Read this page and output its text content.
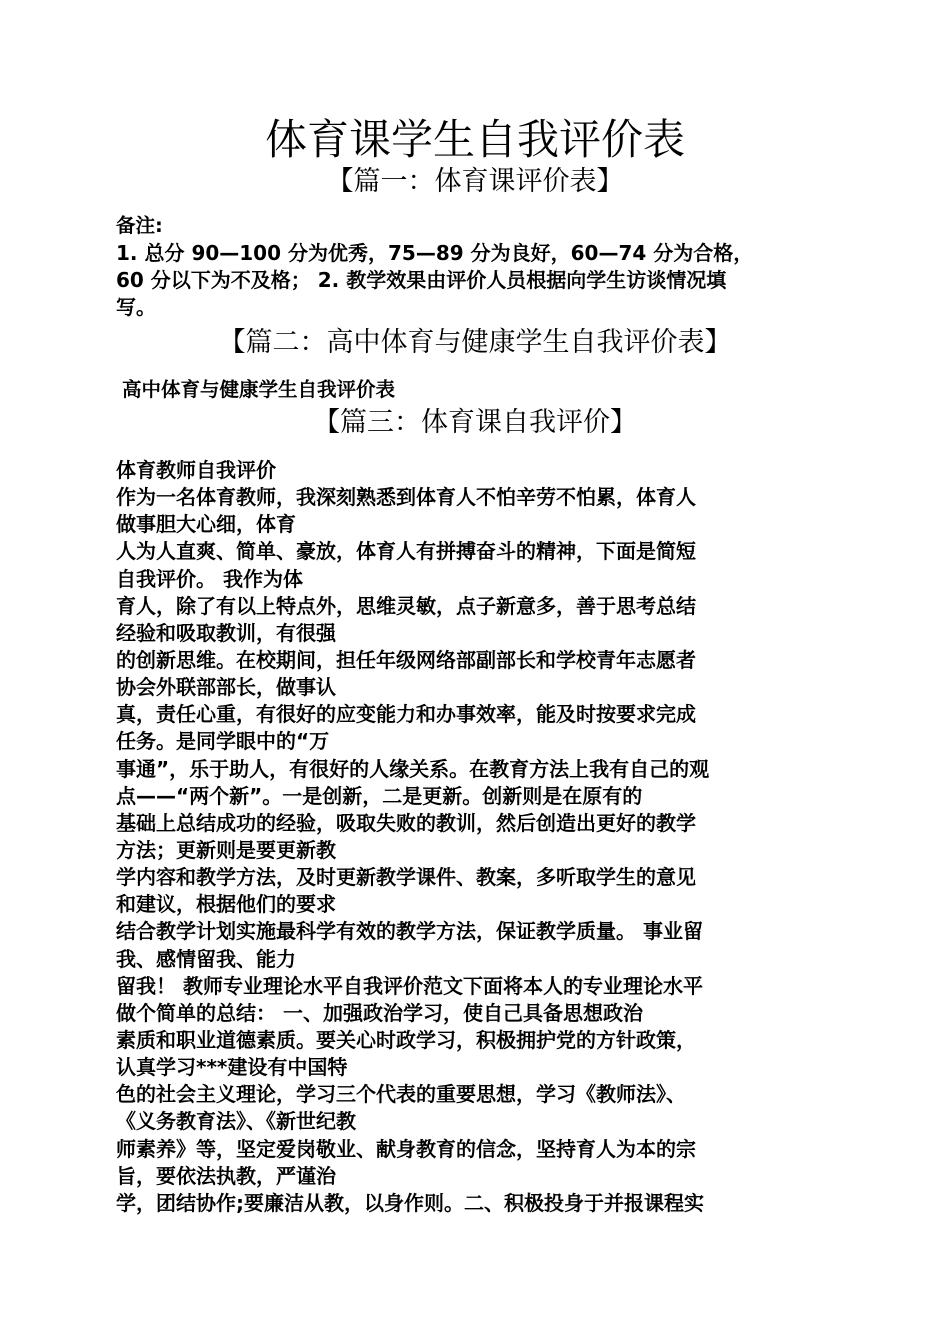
体育课学生自我评价表
【篇一：体育课评价表】
备注:
1. 总分 90—100 分为优秀，75—89 分为良好，60—74 分为合格，
60 分以下为不及格； 2. 教学效果由评价人员根据向学生访谈情况填
写。
【篇二：高中体育与健康学生自我评价表】
高中体育与健康学生自我评价表
【篇三：体育课自我评价】
体育教师自我评价
作为一名体育教师，我深刻熟悉到体育人不怕辛劳不怕累，体育人
做事胆大心细，体育
人为人直爽、简单、豪放，体育人有拼搏奋斗的精神，下面是简短
自我评价。 我作为体
育人，除了有以上特点外，思维灵敏，点子新意多，善于思考总结
经验和吸取教训，有很强
的创新思维。在校期间，担任年级网络部副部长和学校青年志愿者
协会外联部部长，做事认
真，责任心重，有很好的应变能力和办事效率，能及时按要求完成
任务。是同学眼中的“万
事通”，乐于助人，有很好的人缘关系。在教育方法上我有自己的观
点——“两个新”。一是创新，二是更新。创新则是在原有的
基础上总结成功的经验，吸取失败的教训，然后创造出更好的教学
方法；更新则是要更新教
学内容和教学方法，及时更新教学课件、教案，多听取学生的意见
和建议，根据他们的要求
结合教学计划实施最科学有效的教学方法，保证教学质量。 事业留
我、感情留我、能力
留我！ 教师专业理论水平自我评价范文下面将本人的专业理论水平
做个简单的总结： 一、加强政治学习，使自己具备思想政治
素质和职业道德素质。要关心时政学习，积极拥护党的方针政策，
认真学习***建设有中国特
色的社会主义理论，学习三个代表的重要思想，学习《教师法》、
《义务教育法》、《新世纪教
师素养》等，坚定爱岗敬业、献身教育的信念，坚持育人为本的宗
旨，要依法执教，严谨治
学，团结协作;要廉洁从教，以身作则。二、积极投身于并报课程实
